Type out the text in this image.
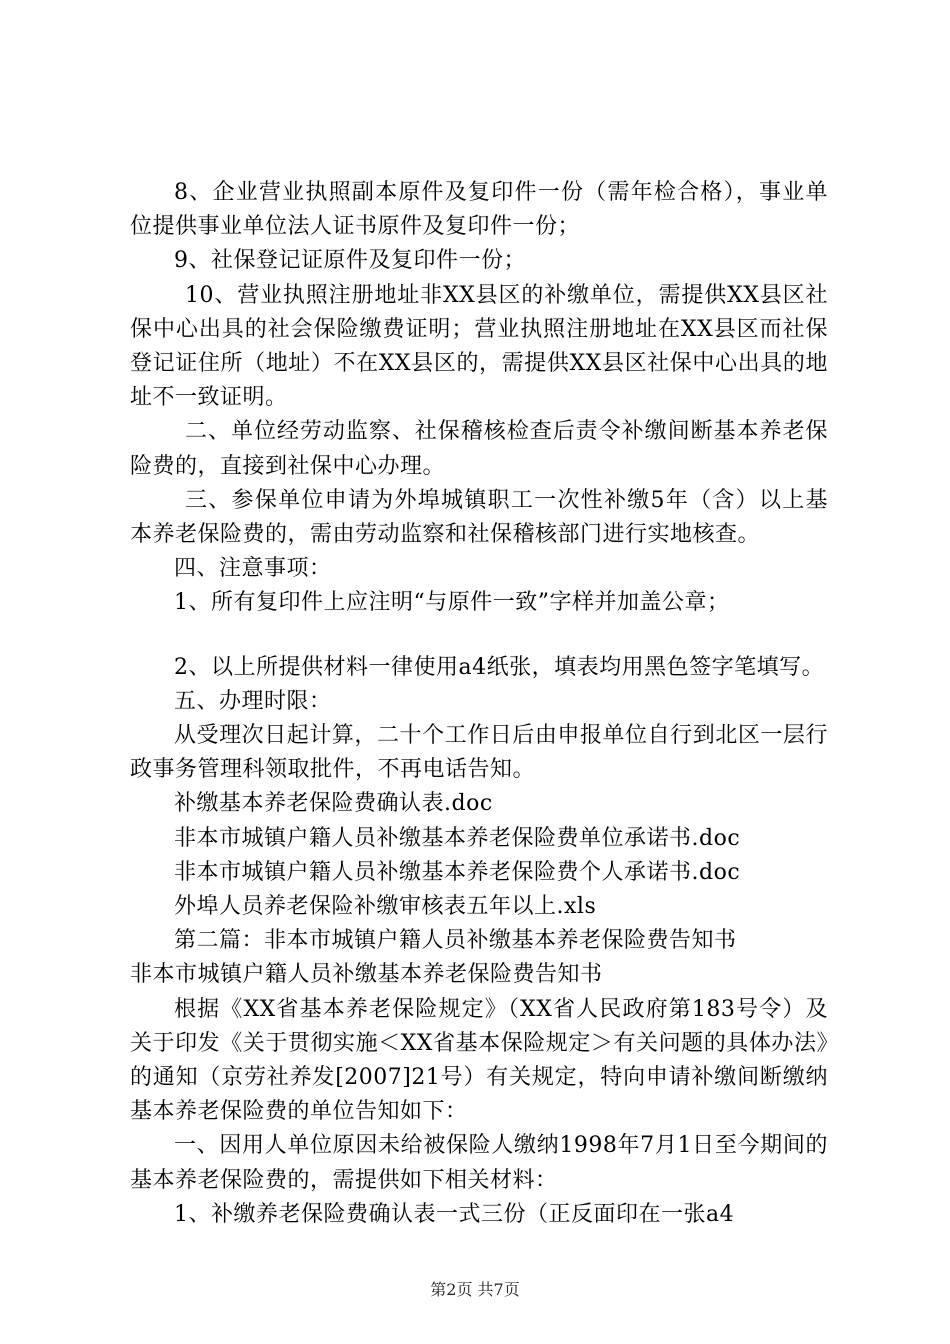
8、企业营业执照副本原件及复印件一份（需年检合格），事业单位提供事业单位法人证书原件及复印件一份；

9、社保登记证原件及复印件一份；

10、营业执照注册地址非XX县区的补缴单位，需提供XX县区社保中心出具的社会保险缴费证明；营业执照注册地址在XX县区而社保登记证住所（地址）不在XX县区的，需提供XX县区社保中心出具的地址不一致证明。

二、单位经劳动监察、社保稽核检查后责令补缴间断基本养老保险费的，直接到社保中心办理。

三、参保单位申请为外埠城镇职工一次性补缴5年（含）以上基本养老保险费的，需由劳动监察和社保稽核部门进行实地核查。

四、注意事项：

1、所有复印件上应注明“与原件一致”字样并加盖公章；

2、以上所提供材料一律使用a4纸张，填表均用黑色签字笔填写。

五、办理时限：

从受理次日起计算，二十个工作日后由申报单位自行到北区一层行政事务管理科领取批件，不再电话告知。

补缴基本养老保险费确认表.doc

非本市城镇户籍人员补缴基本养老保险费单位承诺书.doc

非本市城镇户籍人员补缴基本养老保险费个人承诺书.doc

外埠人员养老保险补缴审核表五年以上.xls

第二篇：非本市城镇户籍人员补缴基本养老保险费告知书

非本市城镇户籍人员补缴基本养老保险费告知书

根据《XX省基本养老保险规定》（XX省人民政府第183号令）及关于印发《关于贯彻实施＜XX省基本保险规定＞有关问题的具体办法》的通知（京劳社养发[2007]21号）有关规定，特向申请补缴间断缴纳基本养老保险费的单位告知如下：

一、因用人单位原因未给被保险人缴纳1998年7月1日至今期间的基本养老保险费的，需提供如下相关材料：

1、补缴养老保险费确认表一式三份（正反面印在一张a4

第2页 共7页
